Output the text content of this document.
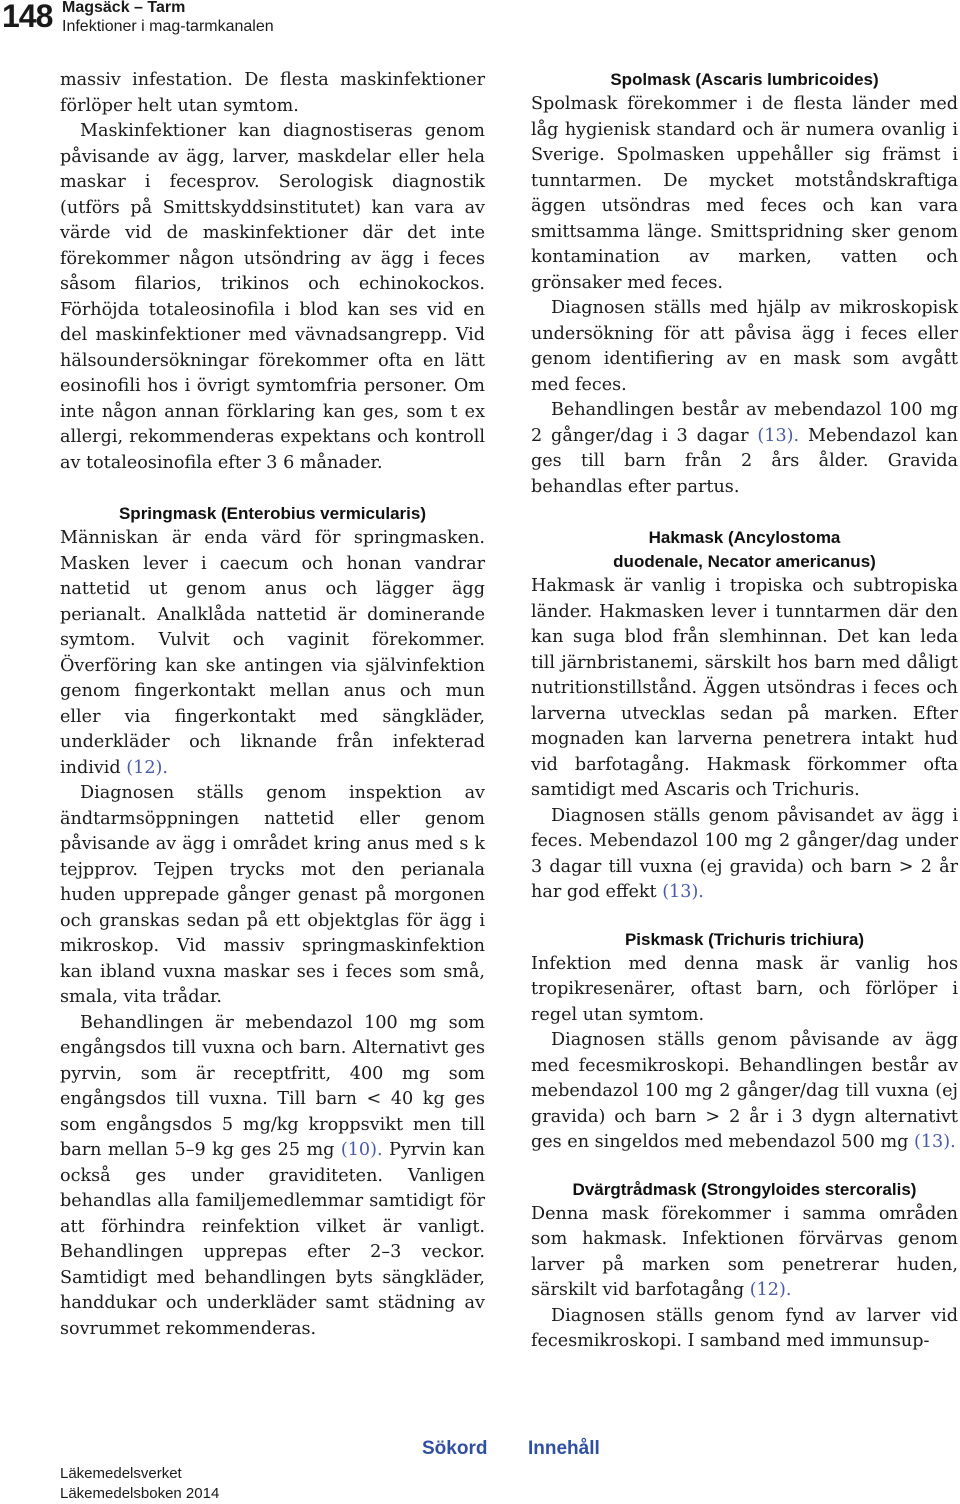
148 Magsäck – Tarm
Infektioner i mag-tarmkanalen

massiv infestation. De flesta maskinfektioner förlöper helt utan symtom.

Maskinfektioner kan diagnostiseras genom påvisande av ägg, larver, maskdelar eller hela maskar i fecesprov. Serologisk diagnostik (utförs på Smittskyddsinstitutet) kan vara av värde vid de maskinfektioner där det inte förekommer någon utsöndring av ägg i feces såsom filarios, trikinos och echinokockos. Förhöjda totaleosinofila i blod kan ses vid en del maskinfektioner med vävnadsangrepp. Vid hälsoundersökningar förekommer ofta en lätt eosinofili hos i övrigt symtomfria personer. Om inte någon annan förklaring kan ges, som t ex allergi, rekommenderas expektans och kontroll av totaleosinofila efter 3 6 månader.

Springmask (Enterobius vermicularis)

Människan är enda värd för springmasken. Masken lever i caecum och honan vandrar nattetid ut genom anus och lägger ägg perianalt. Analklåda nattetid är dominerande symtom. Vulvit och vaginit förekommer. Överföring kan ske antingen via självinfektion genom fingerkontakt mellan anus och mun eller via fingerkontakt med sängkläder, underkläder och liknande från infekterad individ (12).

Diagnosen ställs genom inspektion av ändtarmsöppningen nattetid eller genom påvisande av ägg i området kring anus med s k tejpprov. Tejpen trycks mot den perianala huden upprepade gånger genast på morgonen och granskas sedan på ett objektglas för ägg i mikroskop. Vid massiv springmaskinfektion kan ibland vuxna maskar ses i feces som små, smala, vita trådar.

Behandlingen är mebendazol 100 mg som engångsdos till vuxna och barn. Alternativt ges pyrvin, som är receptfritt, 400 mg som engångsdos till vuxna. Till barn < 40 kg ges som engångsdos 5 mg/kg kroppsvikt men till barn mellan 5–9 kg ges 25 mg (10). Pyrvin kan också ges under graviditeten. Vanligen behandlas alla familjemedlemmar samtidigt för att förhindra reinfektion vilket är vanligt. Behandlingen upprepas efter 2–3 veckor. Samtidigt med behandlingen byts sängkläder, handdukar och underkläder samt städning av sovrummet rekommenderas.

Spolmask (Ascaris lumbricoides)

Spolmask förekommer i de flesta länder med låg hygienisk standard och är numera ovanlig i Sverige. Spolmasken uppehåller sig främst i tunntarmen. De mycket motståndskraftiga äggen utsöndras med feces och kan vara smittsamma länge. Smittspridning sker genom kontamination av marken, vatten och grönsaker med feces.

Diagnosen ställs med hjälp av mikroskopisk undersökning för att påvisa ägg i feces eller genom identifiering av en mask som avgått med feces.

Behandlingen består av mebendazol 100 mg 2 gånger/dag i 3 dagar (13). Mebendazol kan ges till barn från 2 års ålder. Gravida behandlas efter partus.

Hakmask (Ancylostoma
duodenale, Necator americanus)

Hakmask är vanlig i tropiska och subtropiska länder. Hakmasken lever i tunntarmen där den kan suga blod från slemhinnan. Det kan leda till järnbristanemi, särskilt hos barn med dåligt nutritionstillstånd. Äggen utsöndras i feces och larverna utvecklas sedan på marken. Efter mognaden kan larverna penetrera intakt hud vid barfotagång. Hakmask förkommer ofta samtidigt med Ascaris och Trichuris.

Diagnosen ställs genom påvisandet av ägg i feces. Mebendazol 100 mg 2 gånger/dag under 3 dagar till vuxna (ej gravida) och barn > 2 år har god effekt (13).

Piskmask (Trichuris trichiura)

Infektion med denna mask är vanlig hos tropikresenärer, oftast barn, och förlöper i regel utan symtom.

Diagnosen ställs genom påvisande av ägg med fecesmikroskopi. Behandlingen består av mebendazol 100 mg 2 gånger/dag till vuxna (ej gravida) och barn > 2 år i 3 dygn alternativt ges en singeldos med mebendazol 500 mg (13).

Dvärgtrådmask (Strongyloides stercoralis)

Denna mask förekommer i samma områden som hakmask. Infektionen förvärvas genom larver på marken som penetrerar huden, särskilt vid barfotagång (12).

Diagnosen ställs genom fynd av larver vid fecesmikroskopi. I samband med immunsup-

Sökord Innehåll
Läkemedelsverket
Läkemedelsboken 2014
